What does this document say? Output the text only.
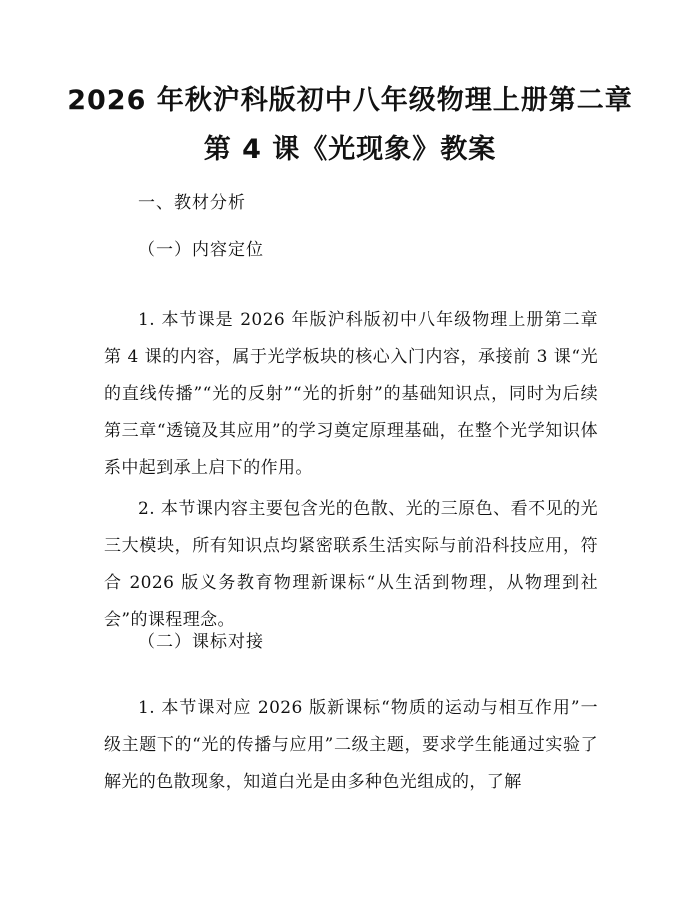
2026 年秋沪科版初中八年级物理上册第二章
第 4 课《光现象》教案
一、教材分析
（一）内容定位

1. 本节课是 2026 年版沪科版初中八年级物理上册第二章第 4 课的内容，属于光学板块的核心入门内容，承接前 3 课“光的直线传播”“光的反射”“光的折射”的基础知识点，同时为后续第三章“透镜及其应用”的学习奠定原理基础，在整个光学知识体系中起到承上启下的作用。

2. 本节课内容主要包含光的色散、光的三原色、看不见的光三大模块，所有知识点均紧密联系生活实际与前沿科技应用，符合 2026 版义务教育物理新课标“从生活到物理，从物理到社会”的课程理念。

（二）课标对接

1. 本节课对应 2026 版新课标“物质的运动与相互作用”一级主题下的“光的传播与应用”二级主题，要求学生能通过实验了解光的色散现象，知道白光是由多种色光组成的，了解
